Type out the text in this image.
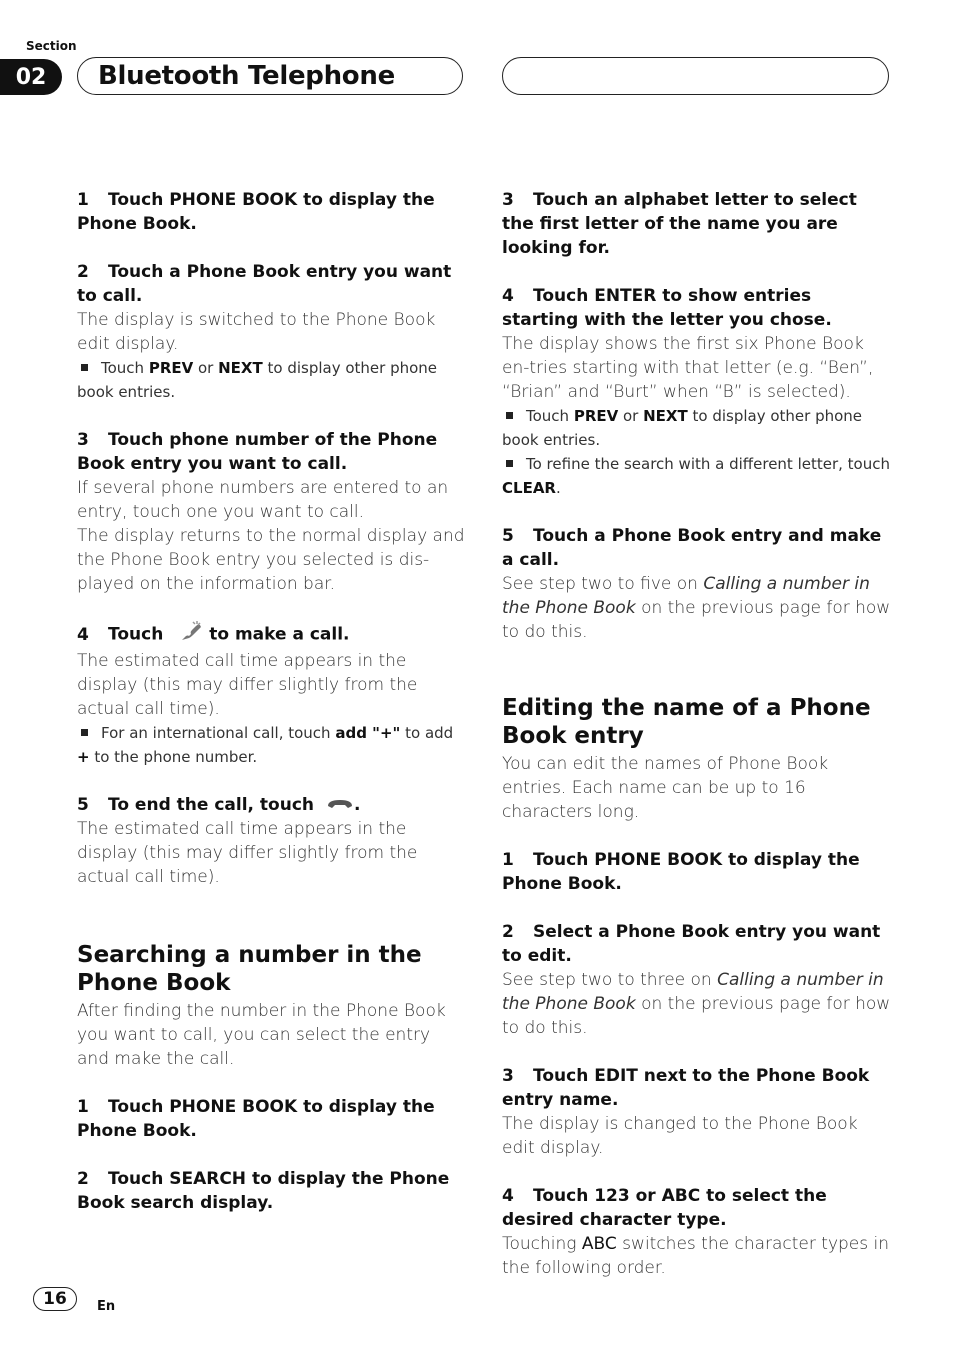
Section
02	Bluetooth Telephone

1 Touch PHONE BOOK to display the Phone Book.

2 Touch a Phone Book entry you want to call.

The display is switched to the Phone Book edit display.

Touch PREV or NEXT to display other phone book entries.

3 Touch phone number of the Phone Book entry you want to call.

If several phone numbers are entered to an entry, touch one you want to call.

The display returns to the normal display and the Phone Book entry you selected is dis-played on the information bar.

4 Touch	to make a call.

The estimated call time appears in the display (this may differ slightly from the actual call time).

For an international call, touch add "+" to add + to the phone number.

5 To end the call, touch .

The estimated call time appears in the display (this may differ slightly from the actual call time).

Searching a number in the Phone Book

After finding the number in the Phone Book you want to call, you can select the entry and make the call.

1 Touch PHONE BOOK to display the Phone Book.

2 Touch SEARCH to display the Phone Book search display.

3 Touch an alphabet letter to select the first letter of the name you are looking for.

4 Touch ENTER to show entries starting with the letter you chose.

The display shows the first six Phone Book en-tries starting with that letter (e.g. “Ben”, “Brian” and “Burt” when “B” is selected).

Touch PREV or NEXT to display other phone book entries.

To refine the search with a different letter, touch CLEAR.

5 Touch a Phone Book entry and make a call.

See step two to five on Calling a number in the Phone Book on the previous page for how to do this.

Editing the name of a Phone Book entry

You can edit the names of Phone Book entries. Each name can be up to 16 characters long.

1 Touch PHONE BOOK to display the Phone Book.

2 Select a Phone Book entry you want to edit.

See step two to three on Calling a number in the Phone Book on the previous page for how to do this.

3 Touch EDIT next to the Phone Book entry name.

The display is changed to the Phone Book edit display.

4 Touch 123 or ABC to select the desired character type.

Touching ABC switches the character types in the following order.

16	En
